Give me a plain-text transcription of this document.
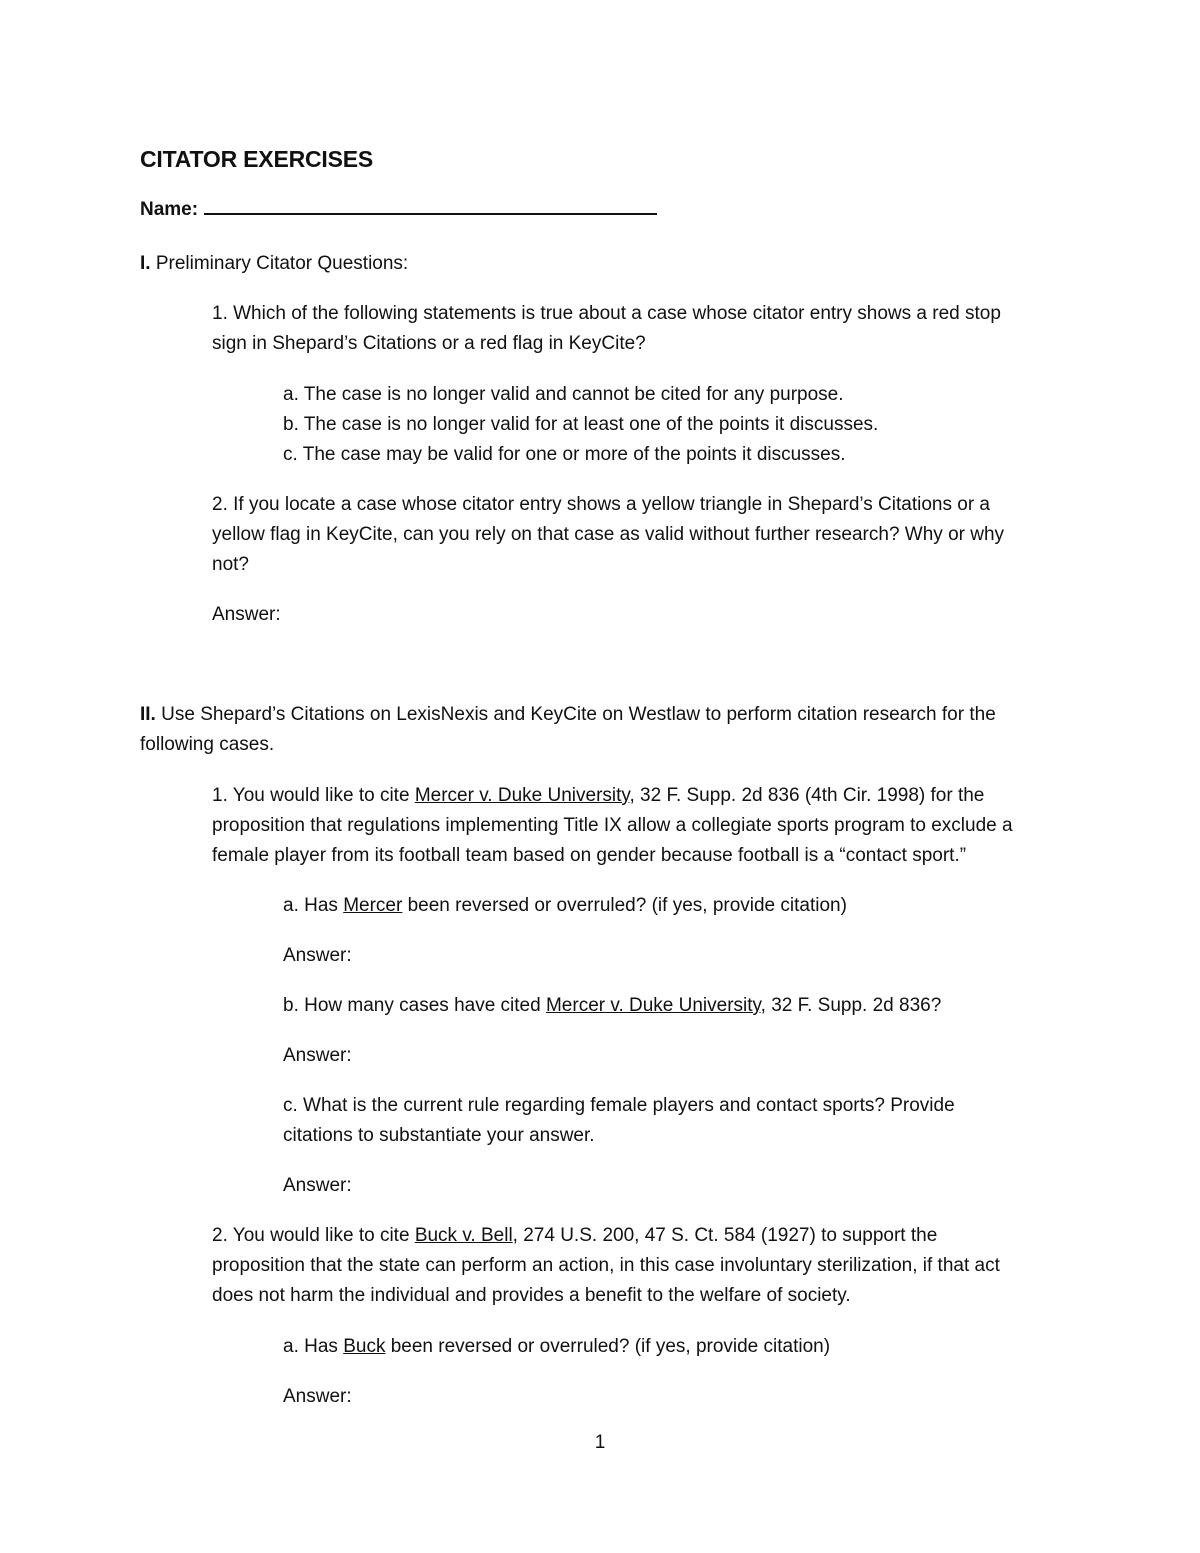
CITATOR EXERCISES
Name:
I. Preliminary Citator Questions:
1. Which of the following statements is true about a case whose citator entry shows a red stop
sign in Shepard’s Citations or a red flag in KeyCite?
a. The case is no longer valid and cannot be cited for any purpose.
b. The case is no longer valid for at least one of the points it discusses.
c. The case may be valid for one or more of the points it discusses.
2. If you locate a case whose citator entry shows a yellow triangle in Shepard’s Citations or a
yellow flag in KeyCite, can you rely on that case as valid without further research? Why or why
not?
Answer:
II. Use Shepard’s Citations on LexisNexis and KeyCite on Westlaw to perform citation research for the
following cases.
1. You would like to cite Mercer v. Duke University, 32 F. Supp. 2d 836 (4th Cir. 1998) for the
proposition that regulations implementing Title IX allow a collegiate sports program to exclude a
female player from its football team based on gender because football is a “contact sport.”
a. Has Mercer been reversed or overruled? (if yes, provide citation)
Answer:
b. How many cases have cited Mercer v. Duke University, 32 F. Supp. 2d 836?
Answer:
c. What is the current rule regarding female players and contact sports? Provide
citations to substantiate your answer.
Answer:
2. You would like to cite Buck v. Bell, 274 U.S. 200, 47 S. Ct. 584 (1927) to support the
proposition that the state can perform an action, in this case involuntary sterilization, if that act
does not harm the individual and provides a benefit to the welfare of society.
a. Has Buck been reversed or overruled? (if yes, provide citation)
Answer:
1
